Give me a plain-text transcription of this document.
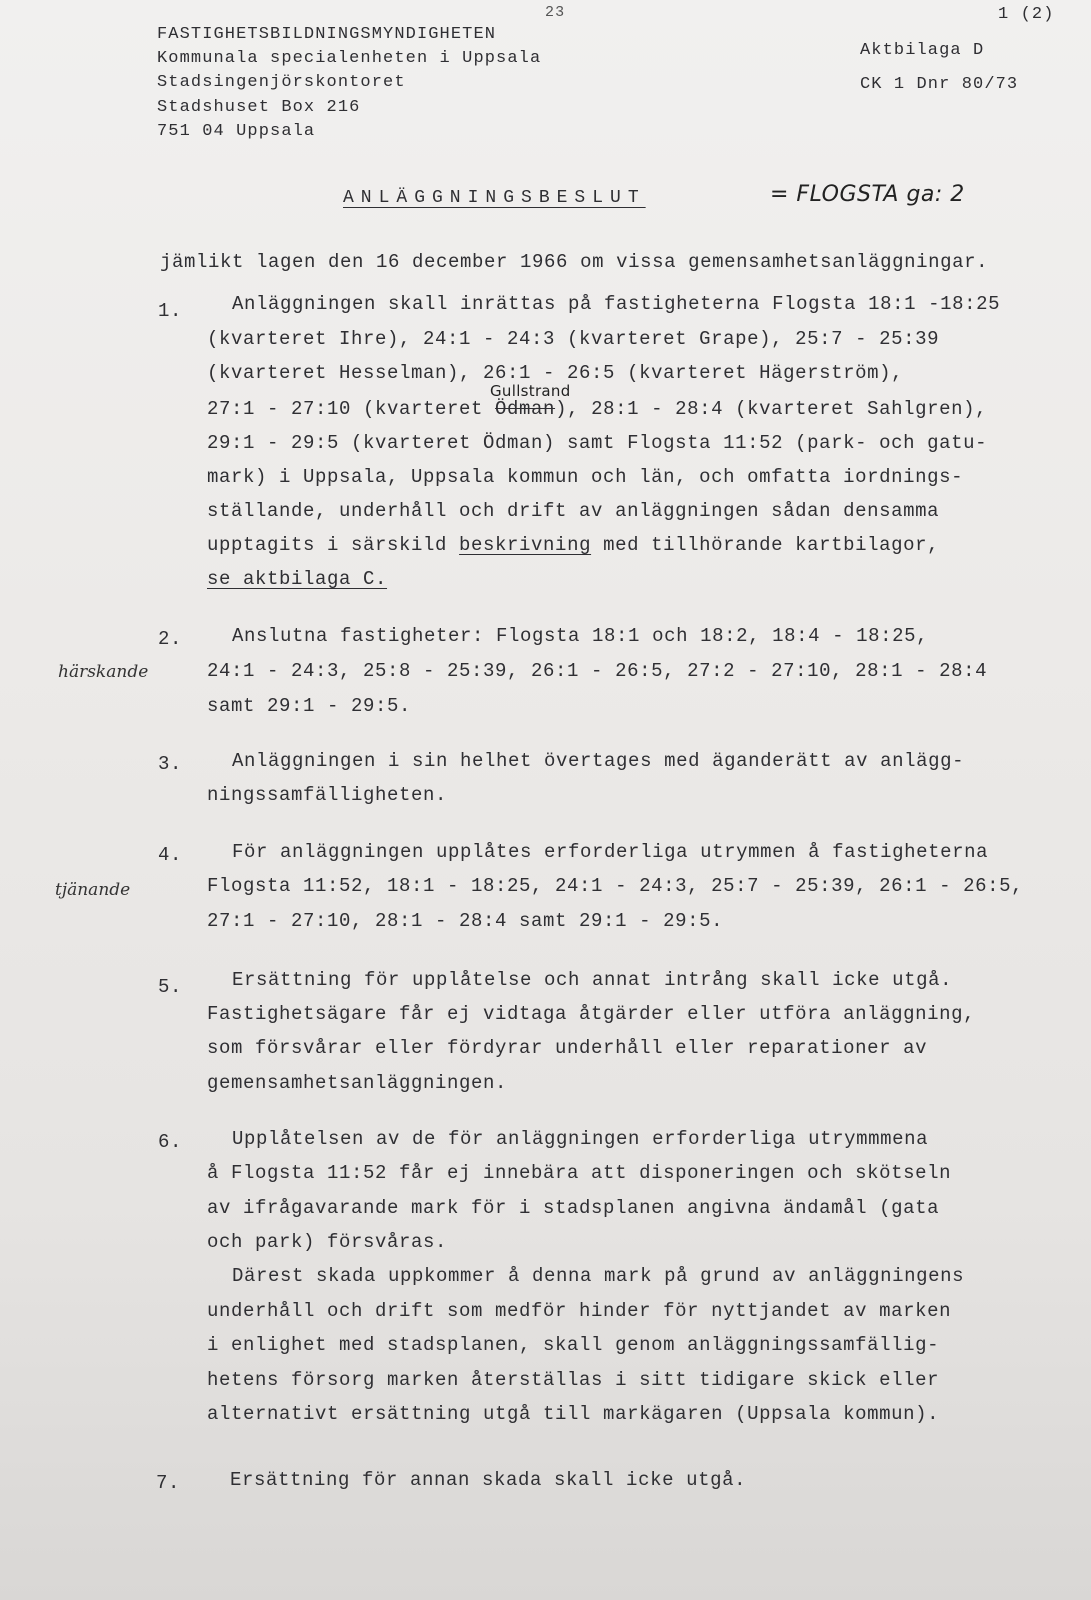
FASTIGHETSBILDNINGSMYNDIGHETEN
Kommunala specialenheten i Uppsala
Stadsingenjörskontoret
Stadshuset Box 216
751 04 Uppsala
23	1 (2)
Aktbilaga D
CK 1 Dnr 80/73
ANLÄGGNINGSBESLUT	= FLOGSTA ga: 2
jämlikt lagen den 16 december 1966 om vissa gemensamhetsanläggningar.
1.	Anläggningen skall inrättas på fastigheterna Flogsta 18:1 -18:25
(kvarteret Ihre), 24:1 - 24:3 (kvarteret Grape), 25:7 - 25:39
(kvarteret Hesselman), 26:1 - 26:5 (kvarteret Hägerström),
Gullstrand
27:1 - 27:10 (kvarteret Ödman), 28:1 - 28:4 (kvarteret Sahlgren),
29:1 - 29:5 (kvarteret Ödman) samt Flogsta 11:52 (park- och gatu-
mark) i Uppsala, Uppsala kommun och län, och omfatta iordnings-
ställande, underhåll och drift av anläggningen sådan densamma
upptagits i särskild beskrivning med tillhörande kartbilagor,
se aktbilaga C.
härskande
2.	Anslutna fastigheter: Flogsta 18:1 och 18:2, 18:4 - 18:25,
24:1 - 24:3, 25:8 - 25:39, 26:1 - 26:5, 27:2 - 27:10, 28:1 - 28:4
samt 29:1 - 29:5.
3.	Anläggningen i sin helhet övertages med äganderätt av anlägg-
ningssamfälligheten.
tjänande
4.	För anläggningen upplåtes erforderliga utrymmen å fastigheterna
Flogsta 11:52, 18:1 - 18:25, 24:1 - 24:3, 25:7 - 25:39, 26:1 - 26:5,
27:1 - 27:10, 28:1 - 28:4 samt 29:1 - 29:5.
5.	Ersättning för upplåtelse och annat intrång skall icke utgå.
Fastighetsägare får ej vidtaga åtgärder eller utföra anläggning,
som försvårar eller fördyrar underhåll eller reparationer av
gemensamhetsanläggningen.
6.	Upplåtelsen av de för anläggningen erforderliga utrymmmena
å Flogsta 11:52 får ej innebära att disponeringen och skötseln
av ifrågavarande mark för i stadsplanen angivna ändamål (gata
och park) försvåras.
Därest skada uppkommer å denna mark på grund av anläggningens
underhåll och drift som medför hinder för nyttjandet av marken
i enlighet med stadsplanen, skall genom anläggningssamfällig-
hetens försorg marken återställas i sitt tidigare skick eller
alternativt ersättning utgå till markägaren (Uppsala kommun).
7.	Ersättning för annan skada skall icke utgå.
